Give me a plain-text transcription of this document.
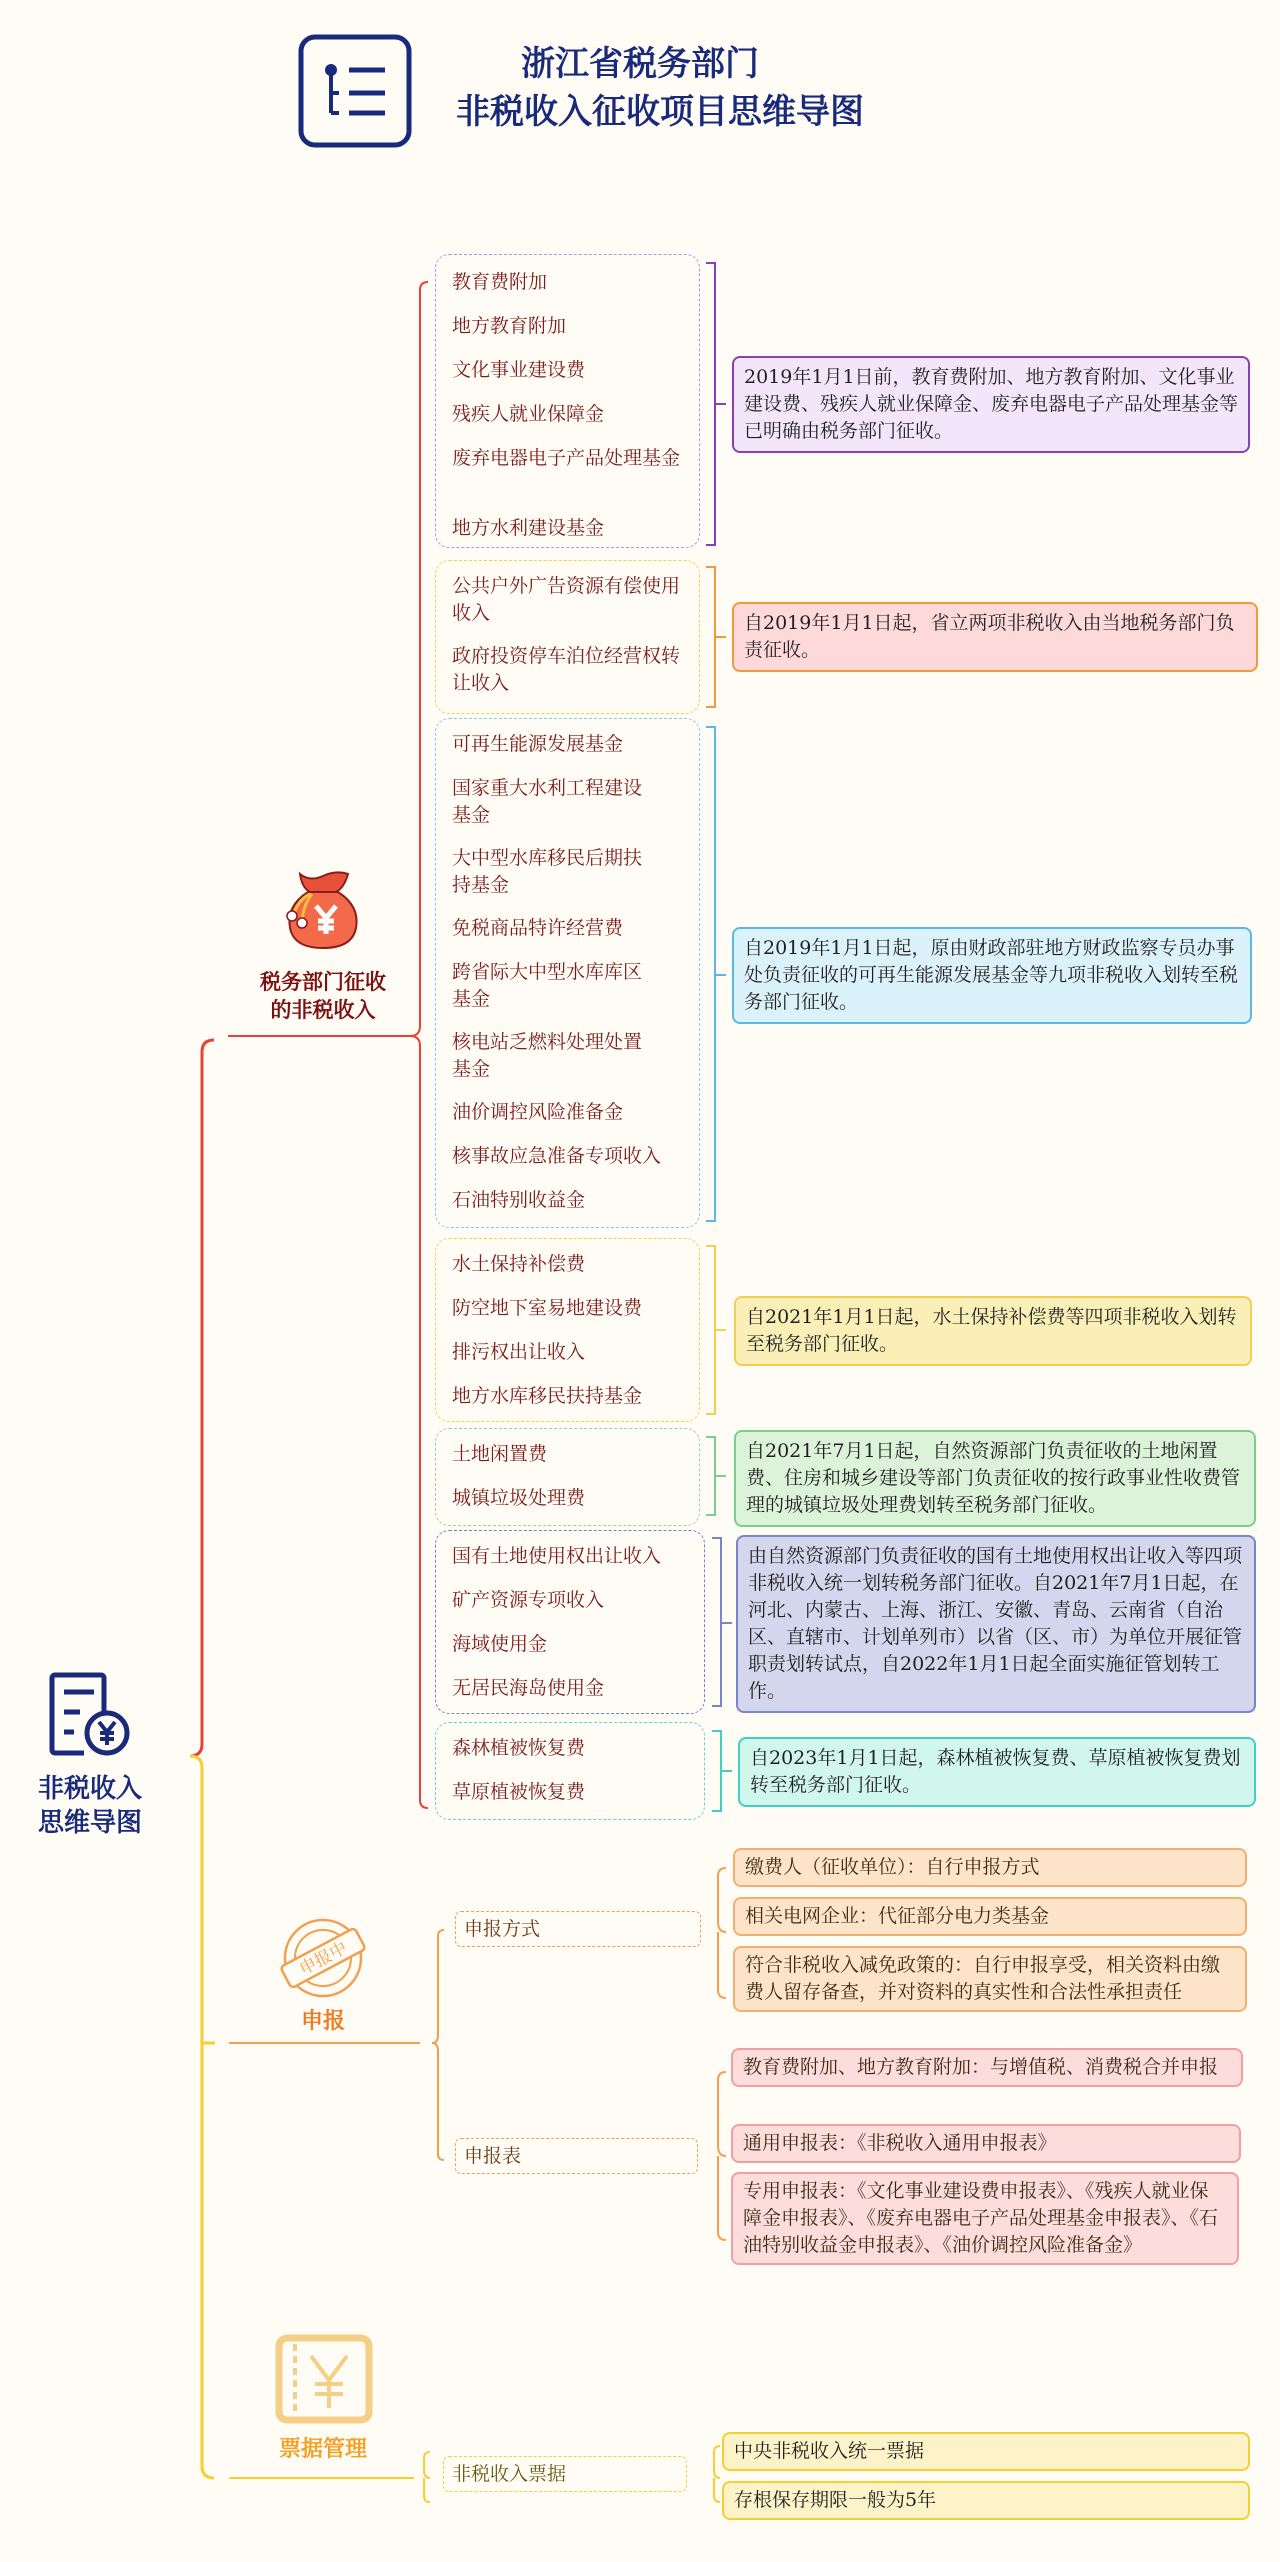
浙江省税务部门
非税收入征收项目思维导图
非税收入
思维导图
税务部门征收
的非税收入
教育费附加
地方教育附加
文化事业建设费
残疾人就业保障金
废弃电器电子产品处理基金
地方水利建设基金
2019年1月1日前，教育费附加、地方教育附加、文化事业建设费、残疾人就业保障金、废弃电器电子产品处理基金等已明确由税务部门征收。
公共户外广告资源有偿使用收入
政府投资停车泊位经营权转让收入
自2019年1月1日起，省立两项非税收入由当地税务部门负责征收。
可再生能源发展基金
国家重大水利工程建设基金
大中型水库移民后期扶持基金
免税商品特许经营费
跨省际大中型水库库区基金
核电站乏燃料处理处置基金
油价调控风险准备金
核事故应急准备专项收入
石油特别收益金
自2019年1月1日起，原由财政部驻地方财政监察专员办事处负责征收的可再生能源发展基金等九项非税收入划转至税务部门征收。
水土保持补偿费
防空地下室易地建设费
排污权出让收入
地方水库移民扶持基金
自2021年1月1日起，水土保持补偿费等四项非税收入划转至税务部门征收。
土地闲置费
城镇垃圾处理费
自2021年7月1日起，自然资源部门负责征收的土地闲置费、住房和城乡建设等部门负责征收的按行政事业性收费管理的城镇垃圾处理费划转至税务部门征收。
国有土地使用权出让收入
矿产资源专项收入
海域使用金
无居民海岛使用金
由自然资源部门负责征收的国有土地使用权出让收入等四项非税收入统一划转税务部门征收。自2021年7月1日起，在河北、内蒙古、上海、浙江、安徽、青岛、云南省（自治区、直辖市、计划单列市）以省（区、市）为单位开展征管职责划转试点，自2022年1月1日起全面实施征管划转工作。
森林植被恢复费
草原植被恢复费
自2023年1月1日起，森林植被恢复费、草原植被恢复费划转至税务部门征收。
申报中
申报
申报方式
缴费人（征收单位）：自行申报方式
相关电网企业：代征部分电力类基金
符合非税收入减免政策的：自行申报享受，相关资料由缴费人留存备查，并对资料的真实性和合法性承担责任
申报表
教育费附加、地方教育附加：与增值税、消费税合并申报
通用申报表：《非税收入通用申报表》
专用申报表：《文化事业建设费申报表》、《残疾人就业保障金申报表》、《废弃电器电子产品处理基金申报表》、《石油特别收益金申报表》、《油价调控风险准备金》
票据管理
非税收入票据
中央非税收入统一票据
存根保存期限一般为5年
